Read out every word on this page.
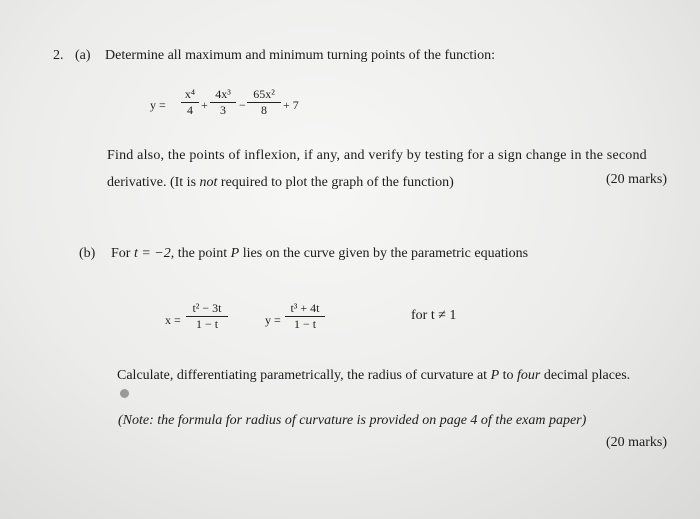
2. (a) Determine all maximum and minimum turning points of the function:
y =
x⁴
4 +
4x³
3	−
65x²
8	+ 7
Find also, the points of inflexion, if any, and verify by testing for a sign change in the second
derivative. (It is not required to plot the graph of the function)	(20 marks)
(b) For t = −2, the point P lies on the curve given by the parametric equations
x =
t² − 3t
1 − t	y =
t³ + 4t
1 − t
for t ≠ 1
Calculate, differentiating parametrically, the radius of curvature at P to four decimal places.
(Note: the formula for radius of curvature is provided on page 4 of the exam paper)
(20 marks)
